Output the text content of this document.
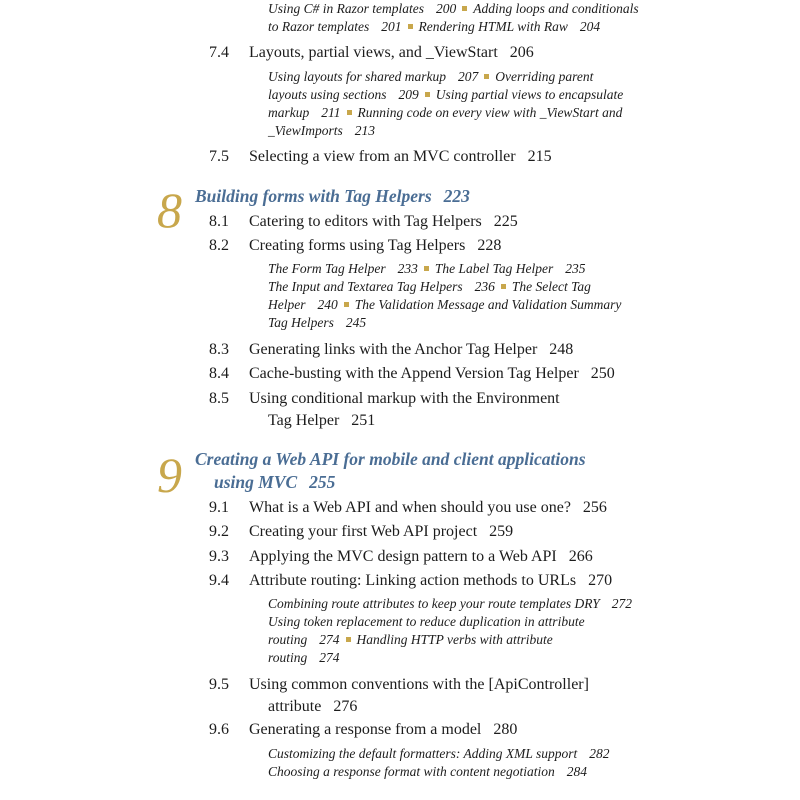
Using C# in Razor templates 200 Adding loops and conditionals
to Razor templates 201 Rendering HTML with Raw 204
7.4 Layouts, partial views, and _ViewStart 206
Using layouts for shared markup 207 Overriding parent
layouts using sections 209 Using partial views to encapsulate
markup 211 Running code on every view with _ViewStart and
_ViewImports 213
7.5 Selecting a view from an MVC controller 215
8 Building forms with Tag Helpers 223
8.1 Catering to editors with Tag Helpers 225
8.2 Creating forms using Tag Helpers 228
The Form Tag Helper 233 The Label Tag Helper 235
The Input and Textarea Tag Helpers 236 The Select Tag
Helper 240 The Validation Message and Validation Summary
Tag Helpers 245
8.3 Generating links with the Anchor Tag Helper 248
8.4 Cache-busting with the Append Version Tag Helper 250
8.5 Using conditional markup with the Environment
Tag Helper 251
9 Creating a Web API for mobile and client applications
using MVC 255
9.1 What is a Web API and when should you use one? 256
9.2 Creating your first Web API project 259
9.3 Applying the MVC design pattern to a Web API 266
9.4 Attribute routing: Linking action methods to URLs 270
Combining route attributes to keep your route templates DRY 272
Using token replacement to reduce duplication in attribute
routing 274 Handling HTTP verbs with attribute
routing 274
9.5 Using common conventions with the [ApiController]
attribute 276
9.6 Generating a response from a model 280
Customizing the default formatters: Adding XML support 282
Choosing a response format with content negotiation 284
